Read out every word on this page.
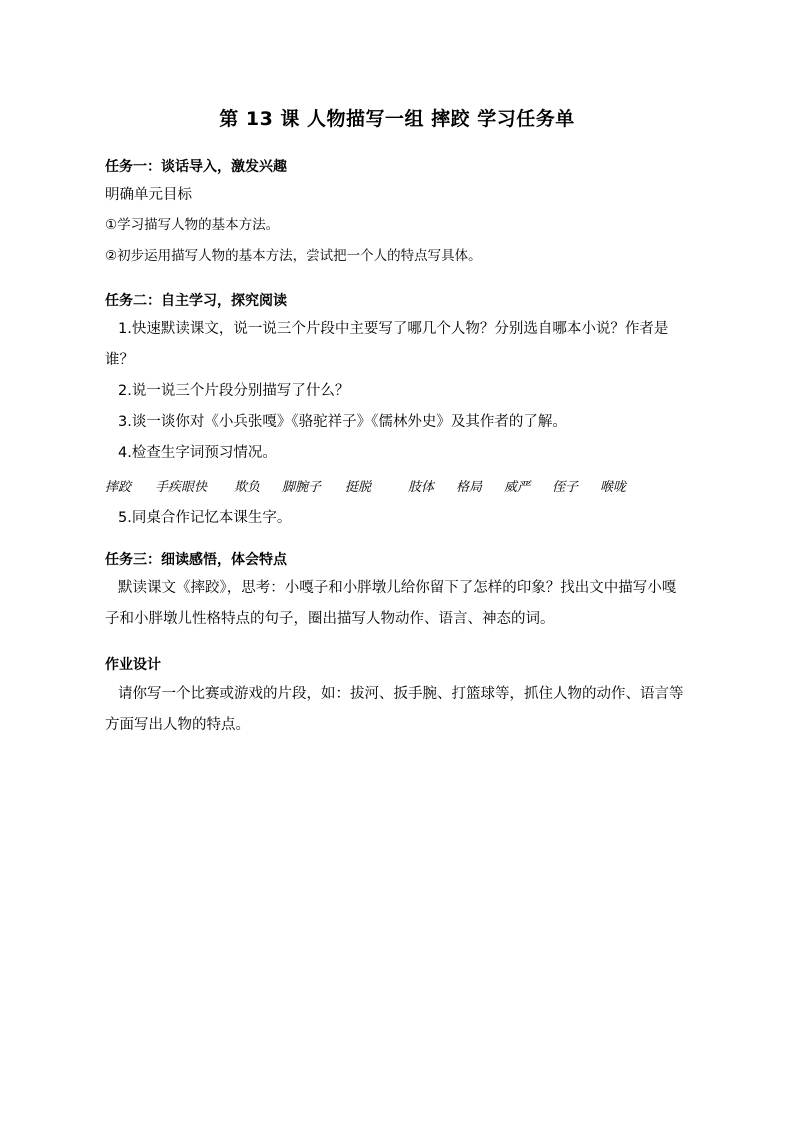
第 13 课 人物描写一组 摔跤 学习任务单
任务一：谈话导入，激发兴趣
明确单元目标
①学习描写人物的基本方法。
②初步运用描写人物的基本方法，尝试把一个人的特点写具体。
任务二：自主学习，探究阅读
1.快速默读课文，说一说三个片段中主要写了哪几个人物？分别选自哪本小说？作者是
谁？
2.说一说三个片段分别描写了什么？
3.谈一谈你对《小兵张嘎》《骆驼祥子》《儒林外史》及其作者的了解。
4.检查生字词预习情况。
摔跤 手疾眼快 欺负 脚腕子 挺脱	肢体 格局 威严 侄子 喉咙
5.同桌合作记忆本课生字。
任务三：细读感悟，体会特点
默读课文《摔跤》，思考：小嘎子和小胖墩儿给你留下了怎样的印象？找出文中描写小嘎
子和小胖墩儿性格特点的句子，圈出描写人物动作、语言、神态的词。
作业设计
请你写一个比赛或游戏的片段，如：拔河、扳手腕、打篮球等，抓住人物的动作、语言等
方面写出人物的特点。
